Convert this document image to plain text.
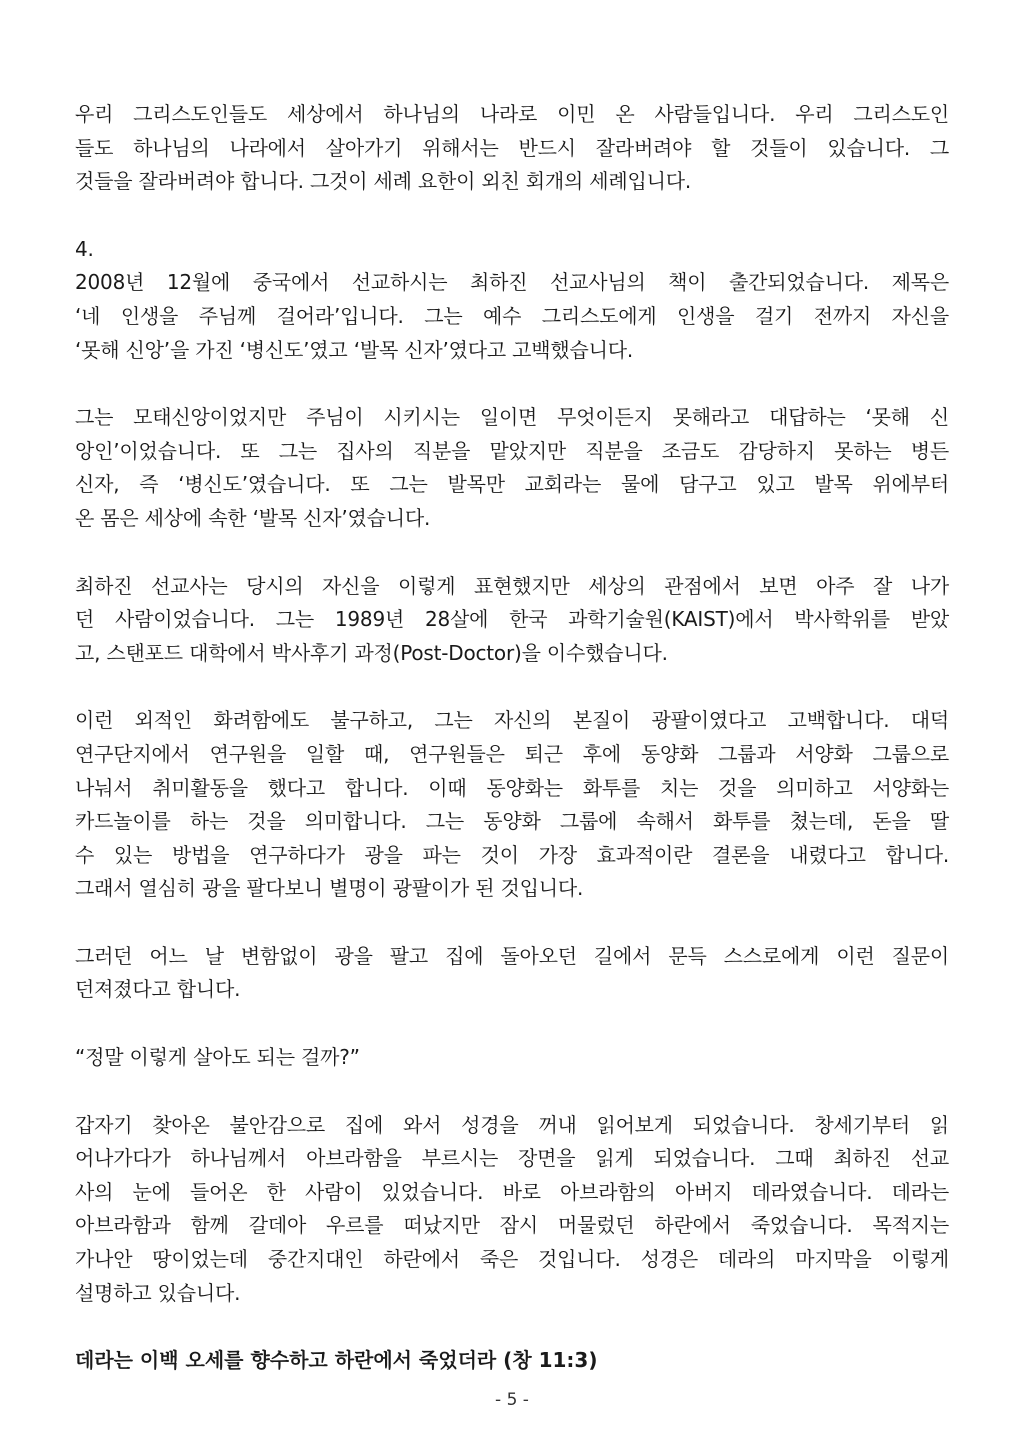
우리 그리스도인들도 세상에서 하나님의 나라로 이민 온 사람들입니다. 우리 그리스도인
들도 하나님의 나라에서 살아가기 위해서는 반드시 잘라버려야 할 것들이 있습니다. 그
것들을 잘라버려야 합니다. 그것이 세례 요한이 외친 회개의 세례입니다.
4.
2008년 12월에 중국에서 선교하시는 최하진 선교사님의 책이 출간되었습니다. 제목은
‘네 인생을 주님께 걸어라’입니다. 그는 예수 그리스도에게 인생을 걸기 전까지 자신을
‘못해 신앙’을 가진 ‘병신도’였고 ‘발목 신자’였다고 고백했습니다.
그는 모태신앙이었지만 주님이 시키시는 일이면 무엇이든지 못해라고 대답하는 ‘못해 신
앙인’이었습니다. 또 그는 집사의 직분을 맡았지만 직분을 조금도 감당하지 못하는 병든
신자, 즉 ‘병신도’였습니다. 또 그는 발목만 교회라는 물에 담구고 있고 발목 위에부터
온 몸은 세상에 속한 ‘발목 신자’였습니다.
최하진 선교사는 당시의 자신을 이렇게 표현했지만 세상의 관점에서 보면 아주 잘 나가
던 사람이었습니다. 그는 1989년 28살에 한국 과학기술원(KAIST)에서 박사학위를 받았
고, 스탠포드 대학에서 박사후기 과정(Post-Doctor)을 이수했습니다.
이런 외적인 화려함에도 불구하고, 그는 자신의 본질이 광팔이였다고 고백합니다. 대덕
연구단지에서 연구원을 일할 때, 연구원들은 퇴근 후에 동양화 그룹과 서양화 그룹으로
나눠서 취미활동을 했다고 합니다. 이때 동양화는 화투를 치는 것을 의미하고 서양화는
카드놀이를 하는 것을 의미합니다. 그는 동양화 그룹에 속해서 화투를 쳤는데, 돈을 딸
수 있는 방법을 연구하다가 광을 파는 것이 가장 효과적이란 결론을 내렸다고 합니다.
그래서 열심히 광을 팔다보니 별명이 광팔이가 된 것입니다.
그러던 어느 날 변함없이 광을 팔고 집에 돌아오던 길에서 문득 스스로에게 이런 질문이
던져졌다고 합니다.
“정말 이렇게 살아도 되는 걸까?”
갑자기 찾아온 불안감으로 집에 와서 성경을 꺼내 읽어보게 되었습니다. 창세기부터 읽
어나가다가 하나님께서 아브라함을 부르시는 장면을 읽게 되었습니다. 그때 최하진 선교
사의 눈에 들어온 한 사람이 있었습니다. 바로 아브라함의 아버지 데라였습니다. 데라는
아브라함과 함께 갈데아 우르를 떠났지만 잠시 머물렀던 하란에서 죽었습니다. 목적지는
가나안 땅이었는데 중간지대인 하란에서 죽은 것입니다. 성경은 데라의 마지막을 이렇게
설명하고 있습니다.

데라는 이백 오세를 향수하고 하란에서 죽었더라 (창 11:3)

- 5 -
